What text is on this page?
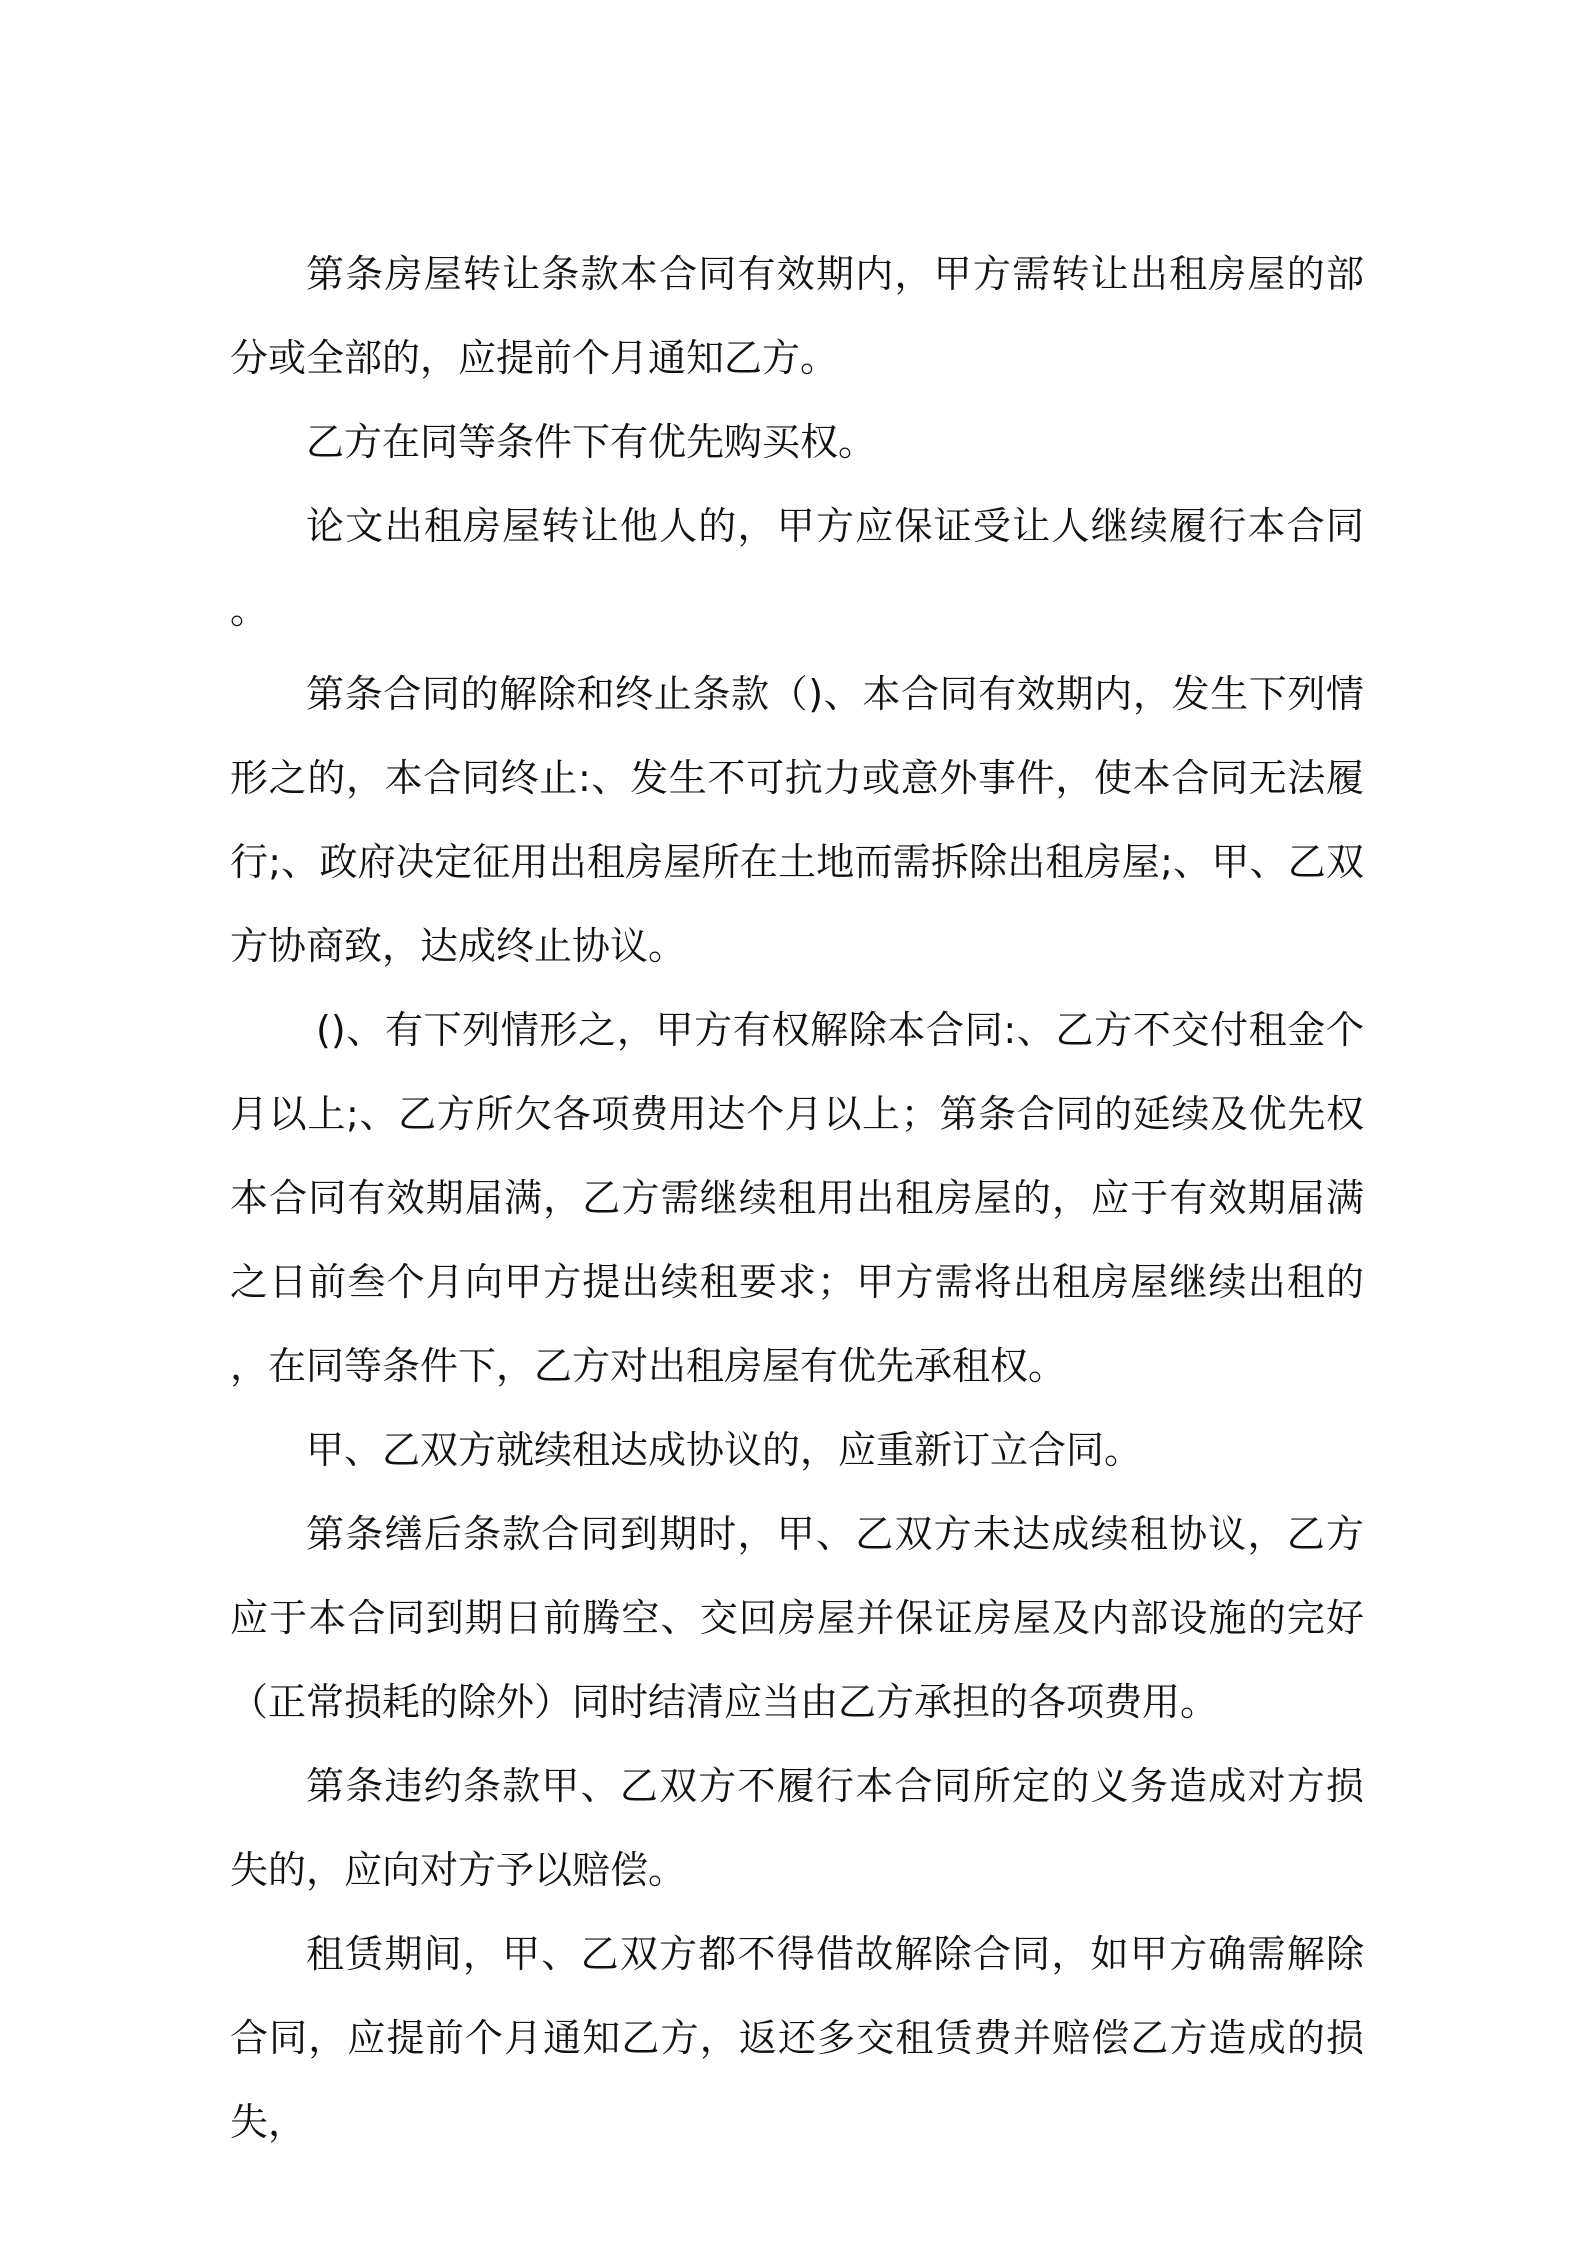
第条房屋转让条款本合同有效期内，甲方需转让出租房屋的部分或全部的，应提前个月通知乙方。

乙方在同等条件下有优先购买权。

论文出租房屋转让他人的，甲方应保证受让人继续履行本合同。

第条合同的解除和终止条款（)、本合同有效期内，发生下列情形之的，本合同终止:、发生不可抗力或意外事件，使本合同无法履行;、政府决定征用出租房屋所在土地而需拆除出租房屋;、甲、乙双方协商致，达成终止协议。

()、有下列情形之，甲方有权解除本合同:、乙方不交付租金个月以上;、乙方所欠各项费用达个月以上；第条合同的延续及优先权本合同有效期届满，乙方需继续租用出租房屋的，应于有效期届满之日前叁个月向甲方提出续租要求；甲方需将出租房屋继续出租的，在同等条件下，乙方对出租房屋有优先承租权。

甲、乙双方就续租达成协议的，应重新订立合同。

第条缮后条款合同到期时，甲、乙双方未达成续租协议，乙方应于本合同到期日前腾空、交回房屋并保证房屋及内部设施的完好（正常损耗的除外）同时结清应当由乙方承担的各项费用。

第条违约条款甲、乙双方不履行本合同所定的义务造成对方损失的，应向对方予以赔偿。

租赁期间，甲、乙双方都不得借故解除合同，如甲方确需解除合同，应提前个月通知乙方，返还多交租赁费并赔偿乙方造成的损失，
